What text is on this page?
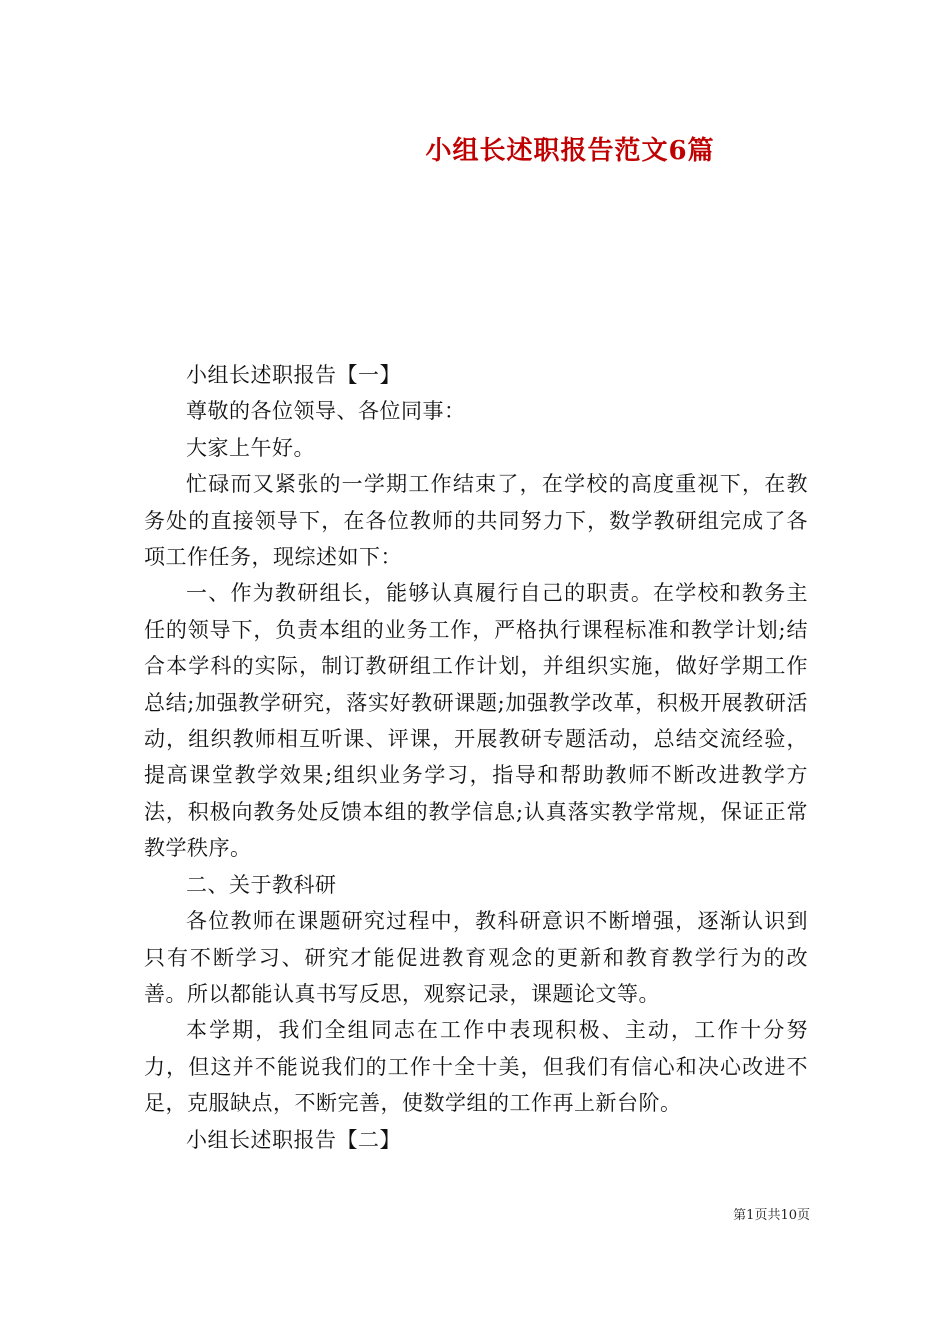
小组长述职报告范文6篇

小组长述职报告【一】

尊敬的各位领导、各位同事：

大家上午好。

忙碌而又紧张的一学期工作结束了，在学校的高度重视下，在教务处的直接领导下，在各位教师的共同努力下，数学教研组完成了各项工作任务，现综述如下：

一、作为教研组长，能够认真履行自己的职责。在学校和教务主任的领导下，负责本组的业务工作，严格执行课程标准和教学计划;结合本学科的实际，制订教研组工作计划，并组织实施，做好学期工作总结;加强教学研究，落实好教研课题;加强教学改革，积极开展教研活动，组织教师相互听课、评课，开展教研专题活动，总结交流经验，提高课堂教学效果;组织业务学习，指导和帮助教师不断改进教学方法，积极向教务处反馈本组的教学信息;认真落实教学常规，保证正常教学秩序。

二、关于教科研

各位教师在课题研究过程中，教科研意识不断增强，逐渐认识到只有不断学习、研究才能促进教育观念的更新和教育教学行为的改善。所以都能认真书写反思，观察记录，课题论文等。

本学期，我们全组同志在工作中表现积极、主动，工作十分努力，但这并不能说我们的工作十全十美，但我们有信心和决心改进不足，克服缺点，不断完善，使数学组的工作再上新台阶。

小组长述职报告【二】

第1页共10页
